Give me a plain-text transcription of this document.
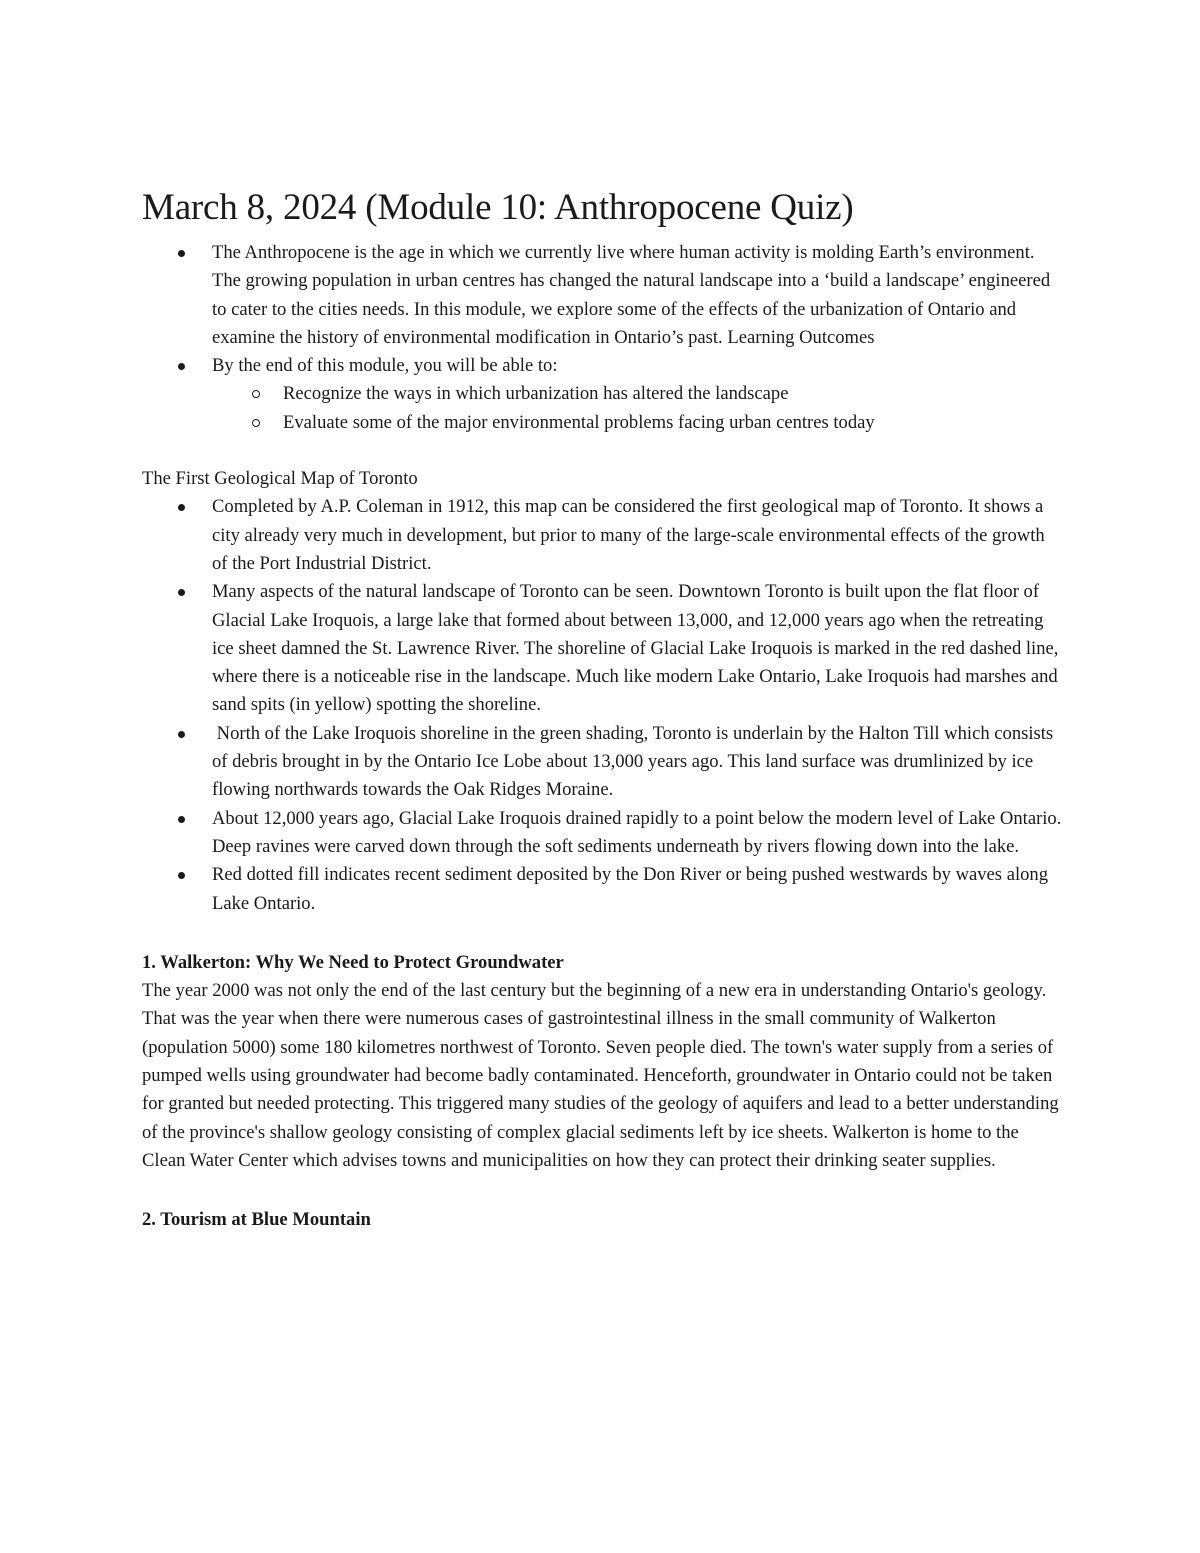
March 8, 2024 (Module 10: Anthropocene Quiz)
The Anthropocene is the age in which we currently live where human activity is molding Earth’s environment. The growing population in urban centres has changed the natural landscape into a ‘build a landscape’ engineered to cater to the cities needs. In this module, we explore some of the effects of the urbanization of Ontario and examine the history of environmental modification in Ontario’s past. Learning Outcomes
By the end of this module, you will be able to:
Recognize the ways in which urbanization has altered the landscape
Evaluate some of the major environmental problems facing urban centres today

The First Geological Map of Toronto

Completed by A.P. Coleman in 1912, this map can be considered the first geological map of Toronto. It shows a city already very much in development, but prior to many of the large-scale environmental effects of the growth of the Port Industrial District.
Many aspects of the natural landscape of Toronto can be seen. Downtown Toronto is built upon the flat floor of Glacial Lake Iroquois, a large lake that formed about between 13,000, and 12,000 years ago when the retreating ice sheet damned the St. Lawrence River. The shoreline of Glacial Lake Iroquois is marked in the red dashed line, where there is a noticeable rise in the landscape. Much like modern Lake Ontario, Lake Iroquois had marshes and sand spits (in yellow) spotting the shoreline.
North of the Lake Iroquois shoreline in the green shading, Toronto is underlain by the Halton Till which consists of debris brought in by the Ontario Ice Lobe about 13,000 years ago. This land surface was drumlinized by ice flowing northwards towards the Oak Ridges Moraine.
About 12,000 years ago, Glacial Lake Iroquois drained rapidly to a point below the modern level of Lake Ontario. Deep ravines were carved down through the soft sediments underneath by rivers flowing down into the lake.
Red dotted fill indicates recent sediment deposited by the Don River or being pushed westwards by waves along Lake Ontario.

1. Walkerton: Why We Need to Protect Groundwater

The year 2000 was not only the end of the last century but the beginning of a new era in understanding Ontario's geology. That was the year when there were numerous cases of gastrointestinal illness in the small community of Walkerton (population 5000) some 180 kilometres northwest of Toronto. Seven people died. The town's water supply from a series of pumped wells using groundwater had become badly contaminated. Henceforth, groundwater in Ontario could not be taken for granted but needed protecting. This triggered many studies of the geology of aquifers and lead to a better understanding of the province's shallow geology consisting of complex glacial sediments left by ice sheets. Walkerton is home to the Clean Water Center which advises towns and municipalities on how they can protect their drinking seater supplies.

2. Tourism at Blue Mountain
